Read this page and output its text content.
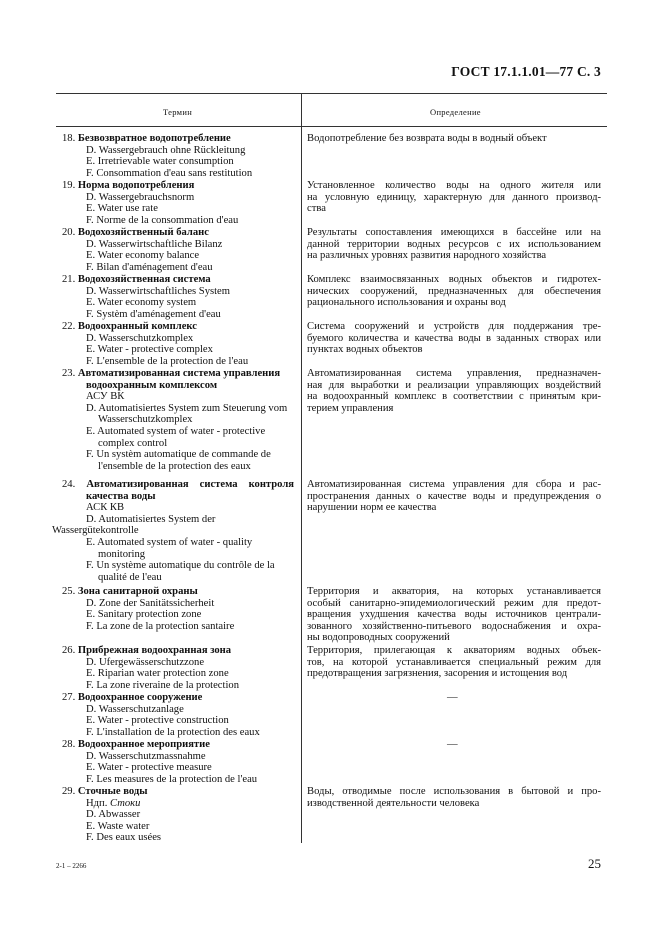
ГОСТ 17.1.1.01—77 С. 3
Термин	Определение
18. Безвозвратное водопотребление
D. Wassergebrauch ohne Rückleitung
E. Irretrievable water consumption
F. Consommation d'eau sans restitution
Водопотребление без возврата воды в водный объект
19. Норма водопотребления
D. Wassergebrauchsnorm
E. Water use rate
F. Norme de la consommation d'eau
Установленное количество воды на одного жителя или
на условную единицу, характерную для данного производ-
ства
20. Водохозяйственный баланс
D. Wasserwirtschaftliche Bilanz
E. Water economy balance
F. Bilan d'aménagement d'eau
Результаты сопоставления имеющихся в бассейне или на
данной территории водных ресурсов с их использованием
на различных уровнях развития народного хозяйства
21. Водохозяйственная система
D. Wasserwirtschaftliches System
E. Water economy system
F. Systèm d'aménagement d'eau
Комплекс взаимосвязанных водных объектов и гидротех-
нических сооружений, предназначенных для обеспечения
рационального использования и охраны вод
22. Водоохранный комплекс
D. Wasserschutzkomplex
E. Water - protective complex
F. L'ensemble de la protection de l'eau
Система сооружений и устройств для поддержания тре-
буемого количества и качества воды в заданных створах или
пунктах водных объектов
23. Автоматизированная система управления
водоохранным комплексом
АСУ ВК
D. Automatisiertes System zum Steuerung vom
Wasserschutzkomplex
E. Automated system of water - protective
complex control
F. Un systèm automatique de commande de
l'ensemble de la protection des eaux
Автоматизированная система управления, предназначен-
ная для выработки и реализации управляющих воздействий
на водоохранный комплекс в соответствии с принятым кри-
терием управления
24. Автоматизированная система контроля
качества воды
АСК КВ
D. Automatisiertes System der
Wassergütekontrolle
E. Automated system of water - quality
monitoring
F. Un système automatique du contrôle de la
qualité de l'eau
Автоматизированная система управления для сбора и рас-
пространения данных о качестве воды и предупреждения о
нарушении норм ее качества
25. Зона санитарной охраны
D. Zone der Sanitätssicherheit
E. Sanitary protection zone
F. La zone de la protection santaire
Территория и акватория, на которых устанавливается
особый санитарно-эпидемиологический режим для предот-
вращения ухудшения качества воды источников централи-
зованного хозяйственно-питьевого водоснабжения и охра-
ны водопроводных сооружений
26. Прибрежная водоохранная зона
D. Ufergewässerschutzzone
E. Riparian water protection zone
F. La zone riveraine de la protection
Территория, прилегающая к акваториям водных объек-
тов, на которой устанавливается специальный режим для
предотвращения загрязнения, засорения и истощения вод
27. Водоохранное сооружение
D. Wasserschutzanlage
E. Water - protective construction
F. L'installation de la protection des eaux
—
28. Водоохранное мероприятие
D. Wasserschutzmassnahme
E. Water - protective measure
F. Les measures de la protection de l'eau
—
29. Сточные воды
Ндп. Стоки
D. Abwasser
E. Waste water
F. Des eaux usées
Воды, отводимые после использования в бытовой и про-
изводственной деятельности человека
2-1 – 2266	25
